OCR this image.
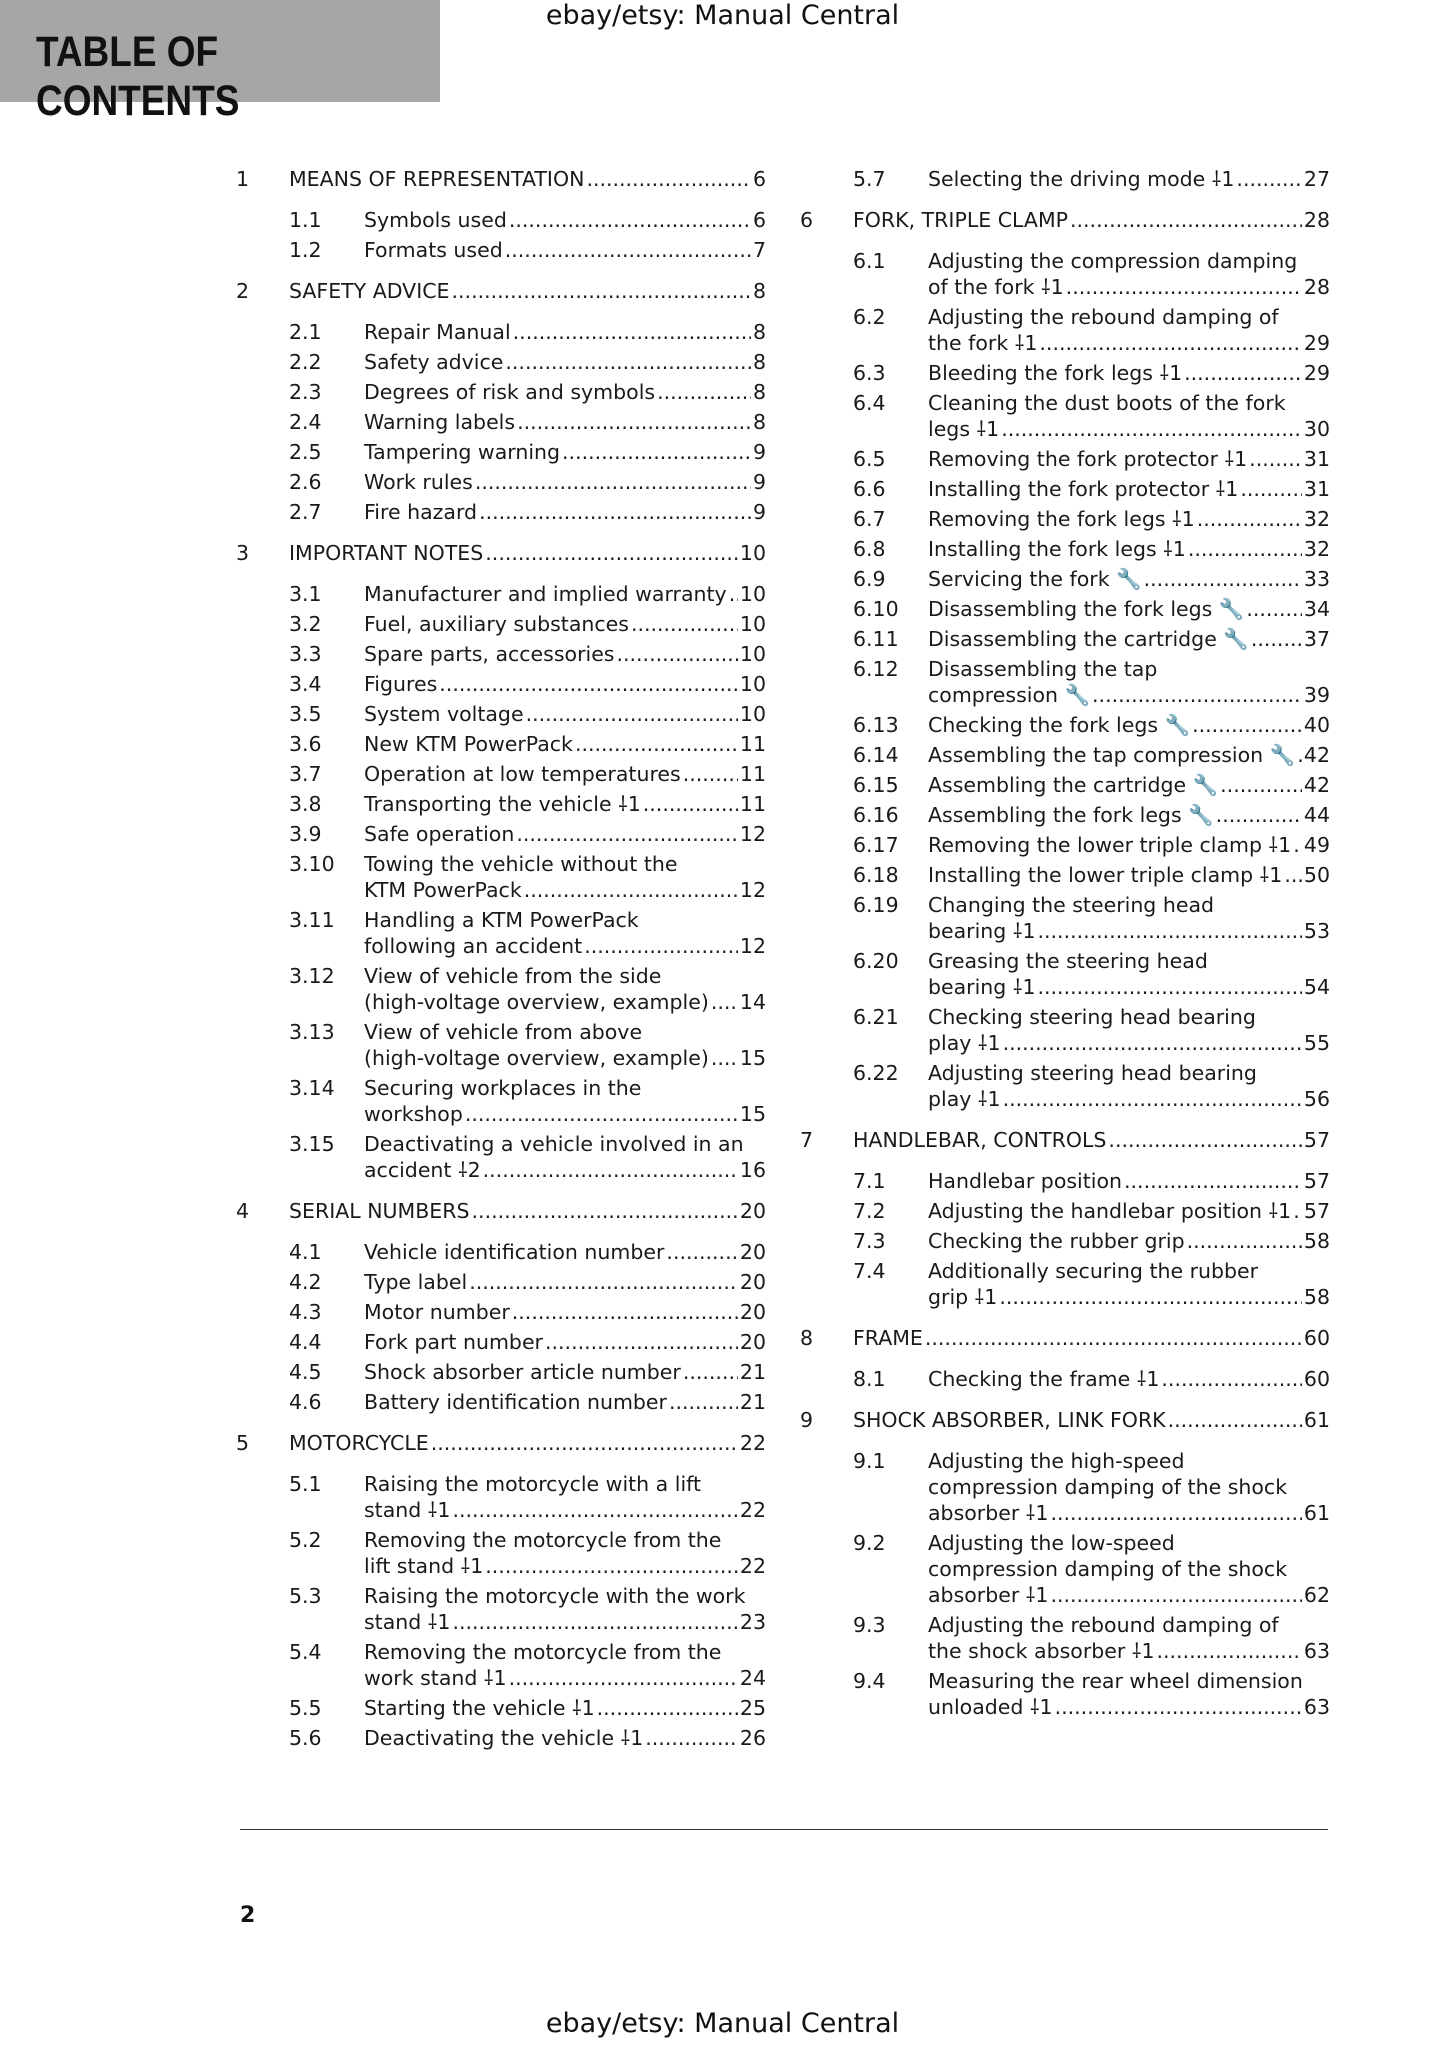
ebay/etsy: Manual Central
TABLE OF CONTENTS
1 MEANS OF REPRESENTATION .....	6
1.1 Symbols used .....	6
1.2 Formats used .....	7
2 SAFETY ADVICE .....	8
2.1 Repair Manual .....	8
2.2 Safety advice .....	8
2.3 Degrees of risk and symbols .....	8
2.4 Warning labels .....	8
2.5 Tampering warning .....	9
2.6 Work rules .....	9
2.7 Fire hazard .....	9
3 IMPORTANT NOTES .....	10
3.1 Manufacturer and implied warranty ..... 10
3.2 Fuel, auxiliary substances .....	10
3.3 Spare parts, accessories .....	10
3.4 Figures .....	10
3.5 System voltage .....	10
3.6 New KTM PowerPack .....	11
3.7 Operation at low temperatures .....	11
3.8 Transporting the vehicle ⸸1 .....	11
3.9 Safe operation .....	12
3.10 Towing the vehicle without the
KTM PowerPack .....	12
3.11 Handling a KTM PowerPack
following an accident .....	12
3.12 View of vehicle from the side
(high-voltage overview, example) ..... 14
3.13 View of vehicle from above
(high-voltage overview, example) ..... 15
3.14 Securing workplaces in the
workshop .....	15
3.15 Deactivating a vehicle involved in an
accident ⸸2 .....	16
4 SERIAL NUMBERS .....	20
4.1 Vehicle identification number .....	20
4.2 Type label .....	20
4.3 Motor number .....	20
4.4 Fork part number .....	20
4.5 Shock absorber article number .....	21
4.6 Battery identification number .....	21
5 MOTORCYCLE .....	22
5.1 Raising the motorcycle with a lift
stand ⸸1 .....	22
5.2 Removing the motorcycle from the
lift stand ⸸1 .....	22
5.3 Raising the motorcycle with the work
stand ⸸1 .....	23
5.4 Removing the motorcycle from the
work stand ⸸1 .....	24
5.5 Starting the vehicle ⸸1 .....	25
5.6 Deactivating the vehicle ⸸1 .....	26
5.7 Selecting the driving mode ⸸1 .....	27
6 FORK, TRIPLE CLAMP .....	28
6.1 Adjusting the compression damping
of the fork ⸸1 .....	28
6.2 Adjusting the rebound damping of
the fork ⸸1 .....	29
6.3 Bleeding the fork legs ⸸1 .....	29
6.4 Cleaning the dust boots of the fork
legs ⸸1 .....	30
6.5 Removing the fork protector ⸸1 .....	31
6.6 Installing the fork protector ⸸1 .....	31
6.7 Removing the fork legs ⸸1 .....	32
6.8 Installing the fork legs ⸸1 .....	32
6.9 Servicing the fork 🔧 .....	33
6.10 Disassembling the fork legs 🔧 .....	34
6.11 Disassembling the cartridge 🔧 .....	37
6.12 Disassembling the tap
compression 🔧 .....	39
6.13 Checking the fork legs 🔧 .....	40
6.14 Assembling the tap compression 🔧 ..... 42
6.15 Assembling the cartridge 🔧 .....	42
6.16 Assembling the fork legs 🔧 .....	44
6.17 Removing the lower triple clamp ⸸1 ..... 49
6.18 Installing the lower triple clamp ⸸1 ..... 50
6.19 Changing the steering head
bearing ⸸1 .....	53
6.20 Greasing the steering head
bearing ⸸1 .....	54
6.21 Checking steering head bearing
play ⸸1 .....	55
6.22 Adjusting steering head bearing
play ⸸1 .....	56
7 HANDLEBAR, CONTROLS .....	57
7.1 Handlebar position .....	57
7.2 Adjusting the handlebar position ⸸1 ..... 57
7.3 Checking the rubber grip .....	58
7.4 Additionally securing the rubber
grip ⸸1 .....	58
8 FRAME .....	60
8.1 Checking the frame ⸸1 .....	60
9 SHOCK ABSORBER, LINK FORK .....	61
9.1 Adjusting the high-speed
compression damping of the shock
absorber ⸸1 .....	61
9.2 Adjusting the low-speed
compression damping of the shock
absorber ⸸1 .....	62
9.3 Adjusting the rebound damping of
the shock absorber ⸸1 .....	63
9.4 Measuring the rear wheel dimension
unloaded ⸸1 .....	63
2
ebay/etsy: Manual Central
